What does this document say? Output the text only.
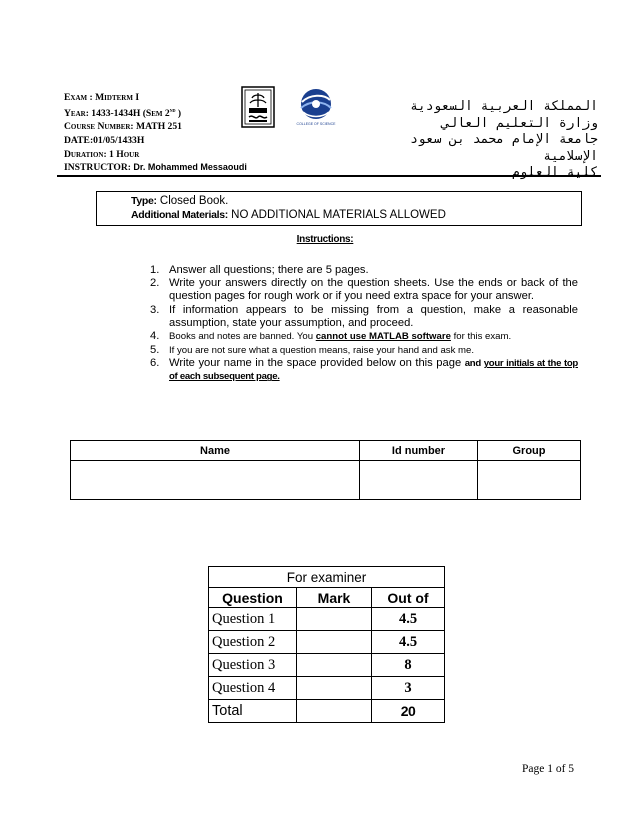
Exam : Midterm I
Year: 1433-1434H (Sem 2nd )
Course Number: MATH 251
DATE:01/05/1433H
Duration: 1 Hour
INSTRUCTOR: Dr. Mohammed Messaoudi
COLLEGE OF SCIENCE
المملكة العربية السعودية
وزارة التعليم العالي
جامعة الإمام محمد بن سعود الإسلامية
كلية العلوم
Type: Closed Book.
Additional Materials: NO ADDITIONAL MATERIALS ALLOWED
Instructions:

1. Answer all questions; there are 5 pages.

2. Write your answers directly on the question sheets. Use the ends or back of the question pages for rough work or if you need extra space for your answer.

3. If information appears to be missing from a question, make a reasonable assumption, state your assumption, and proceed.

4. Books and notes are banned. You cannot use MATLAB software for this exam.

5. If you are not sure what a question means, raise your hand and ask me.

6. Write your name in the space provided below on this page and your initials at the top of each subsequent page.

Name	Id number	Group

For examiner		
Question	Mark	Out of
Question 1		4.5
Question 2		4.5
Question 3		8
Question 4		3
Total		20
Page 1 of 5
